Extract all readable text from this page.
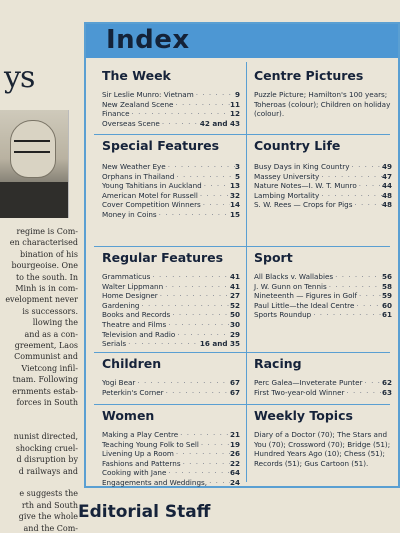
ys
regime is Com-
en characterised
bination of his
bourgeoise. One
to the south. In
Minh is in com-
evelopment never
is successors.
llowing the
and as a con-
greement, Laos
Communist and
Vietcong infil-
tnam. Following
ernments estab-
forces in South

nunist directed,
shocking cruel-
d disruption by
d railways and

e suggests the
rth and South
give the whole
and the Com-

Index
The Week
Sir Leslie Munro: Vietnam · · ·	9
New Zealand Scene · · ·	11
Finance · · ·	12
Overseas Scene · · ·	42 and 43
Centre Pictures
Puzzle Picture; Hamilton's 100 years; Toheroas (colour); Children on holiday (colour).
Special Features
New Weather Eye · · ·	3
Orphans in Thailand · · ·	5
Young Tahitians in Auckland · · ·	13
American Motel for Russell · · ·	32
Cover Competition Winners · · ·	14
Money in Coins · · ·	15
Country Life
Busy Days in King Country · · ·	49
Massey University · · ·	47
Nature Notes—I. W. T. Munro · · ·	44
Lambing Mortality · · ·	48
S. W. Rees — Crops for Pigs · · ·	48
Regular Features
Grammaticus · · ·	41
Walter Lippmann · · ·	41
Home Designer · · ·	27
Gardening · · ·	52
Books and Records · · ·	50
Theatre and Films · · ·	30
Television and Radio · · ·	29
Serials · · ·	16 and 35
Sport
All Blacks v. Wallabies · · ·	56
J. W. Gunn on Tennis · · ·	58
Nineteenth — Figures in Golf · · ·	59
Paul Little—the Ideal Centre · · ·	60
Sports Roundup · · ·	61
Children
Yogi Bear · · ·	67
Peterkin's Corner · · ·	67
Racing
Perc Galea—Inveterate Punter · · ·	62
First Two-year-old Winner · · ·	63
Women
Making a Play Centre · · ·	21
Teaching Young Folk to Sell · · ·	19
Livening Up a Room · · ·	26
Fashions and Patterns · · ·	22
Cooking with Jane · · ·	64
Engagements and Weddings, · · ·	24
Weekly Topics
Diary of a Doctor (70); The Stars and You (70); Crossword (70); Bridge (51); Hundred Years Ago (10); Chess (51); Records (51); Gus Cartoon (51).
Editorial Staff
